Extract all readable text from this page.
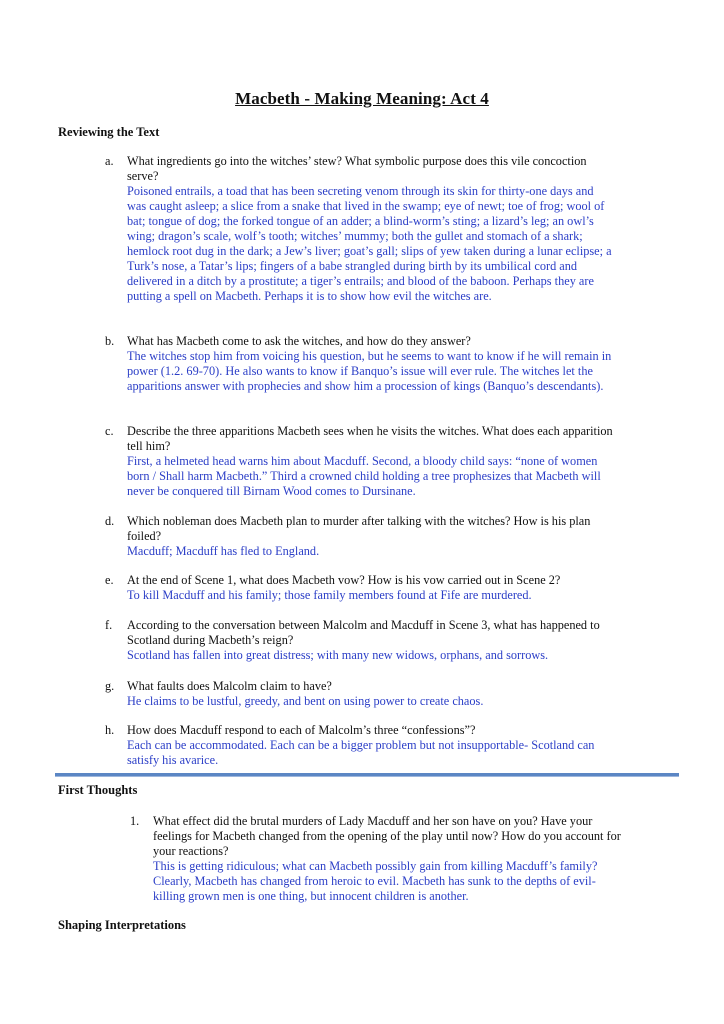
Macbeth - Making Meaning: Act 4
Reviewing the Text
a.	What ingredients go into the witches’ stew? What symbolic purpose does this vile concoction serve?
Poisoned entrails, a toad that has been secreting venom through its skin for thirty-one days and was caught asleep; a slice from a snake that lived in the swamp; eye of newt; toe of frog; wool of bat; tongue of dog; the forked tongue of an adder; a blind-worm’s sting; a lizard’s leg; an owl’s wing; dragon’s scale, wolf’s tooth; witches’ mummy; both the gullet and stomach of a shark; hemlock root dug in the dark; a Jew’s liver; goat’s gall; slips of yew taken during a lunar eclipse; a Turk’s nose, a Tatar’s lips; fingers of a babe strangled during birth by its umbilical cord and delivered in a ditch by a prostitute; a tiger’s entrails; and blood of the baboon. Perhaps they are putting a spell on Macbeth. Perhaps it is to show how evil the witches are.
b.	What has Macbeth come to ask the witches, and how do they answer?
The witches stop him from voicing his question, but he seems to want to know if he will remain in power (1.2. 69-70). He also wants to know if Banquo’s issue will ever rule. The witches let the apparitions answer with prophecies and show him a procession of kings (Banquo’s descendants).
c.	Describe the three apparitions Macbeth sees when he visits the witches. What does each apparition tell him?
First, a helmeted head warns him about Macduff. Second, a bloody child says: “none of women born / Shall harm Macbeth.” Third a crowned child holding a tree prophesizes that Macbeth will never be conquered till Birnam Wood comes to Dursinane.
d.	Which nobleman does Macbeth plan to murder after talking with the witches? How is his plan foiled?
Macduff; Macduff has fled to England.
e.	At the end of Scene 1, what does Macbeth vow? How is his vow carried out in Scene 2?
To kill Macduff and his family; those family members found at Fife are murdered.
f.	According to the conversation between Malcolm and Macduff in Scene 3, what has happened to Scotland during Macbeth’s reign?
Scotland has fallen into great distress; with many new widows, orphans, and sorrows.
g.	What faults does Malcolm claim to have?
He claims to be lustful, greedy, and bent on using power to create chaos.
h.	How does Macduff respond to each of Malcolm’s three “confessions”?
Each can be accommodated. Each can be a bigger problem but not insupportable- Scotland can satisfy his avarice.
First Thoughts
1.	What effect did the brutal murders of Lady Macduff and her son have on you? Have your feelings for Macbeth changed from the opening of the play until now? How do you account for your reactions?
This is getting ridiculous; what can Macbeth possibly gain from killing Macduff’s family? Clearly, Macbeth has changed from heroic to evil. Macbeth has sunk to the depths of evil- killing grown men is one thing, but innocent children is another.
Shaping Interpretations
